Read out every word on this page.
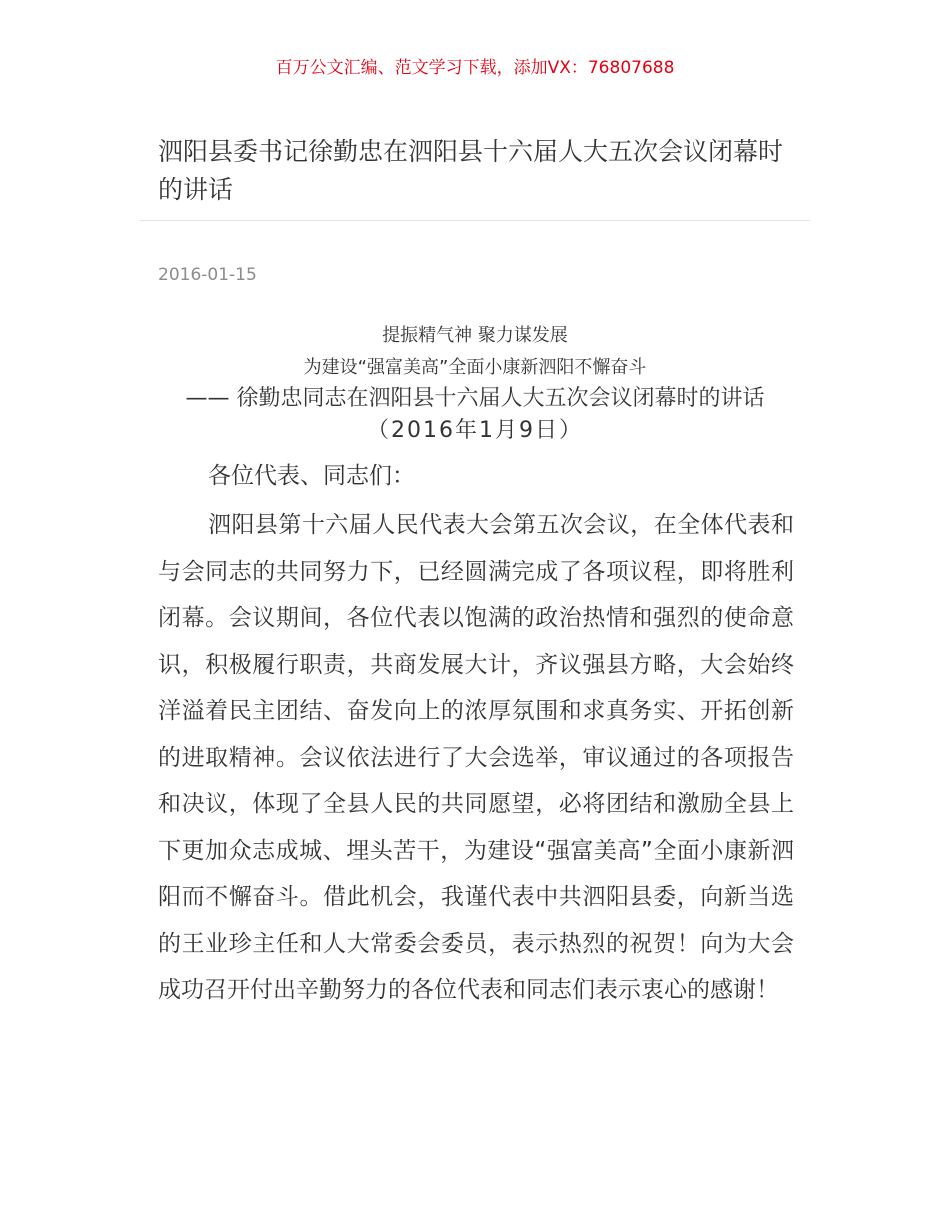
百万公文汇编、范文学习下载，添加VX：76807688
泗阳县委书记徐勤忠在泗阳县十六届人大五次会议闭幕时的讲话
2016-01-15
提振精气神 聚力谋发展
为建设“强富美高”全面小康新泗阳不懈奋斗
—— 徐勤忠同志在泗阳县十六届人大五次会议闭幕时的讲话
（2016年1月9日）
各位代表、同志们：

泗阳县第十六届人民代表大会第五次会议，在全体代表和与会同志的共同努力下，已经圆满完成了各项议程，即将胜利闭幕。会议期间，各位代表以饱满的政治热情和强烈的使命意识，积极履行职责，共商发展大计，齐议强县方略，大会始终洋溢着民主团结、奋发向上的浓厚氛围和求真务实、开拓创新的进取精神。会议依法进行了大会选举，审议通过的各项报告和决议，体现了全县人民的共同愿望，必将团结和激励全县上下更加众志成城、埋头苦干，为建设“强富美高”全面小康新泗阳而不懈奋斗。借此机会，我谨代表中共泗阳县委，向新当选的王业珍主任和人大常委会委员，表示热烈的祝贺！向为大会成功召开付出辛勤努力的各位代表和同志们表示衷心的感谢！
